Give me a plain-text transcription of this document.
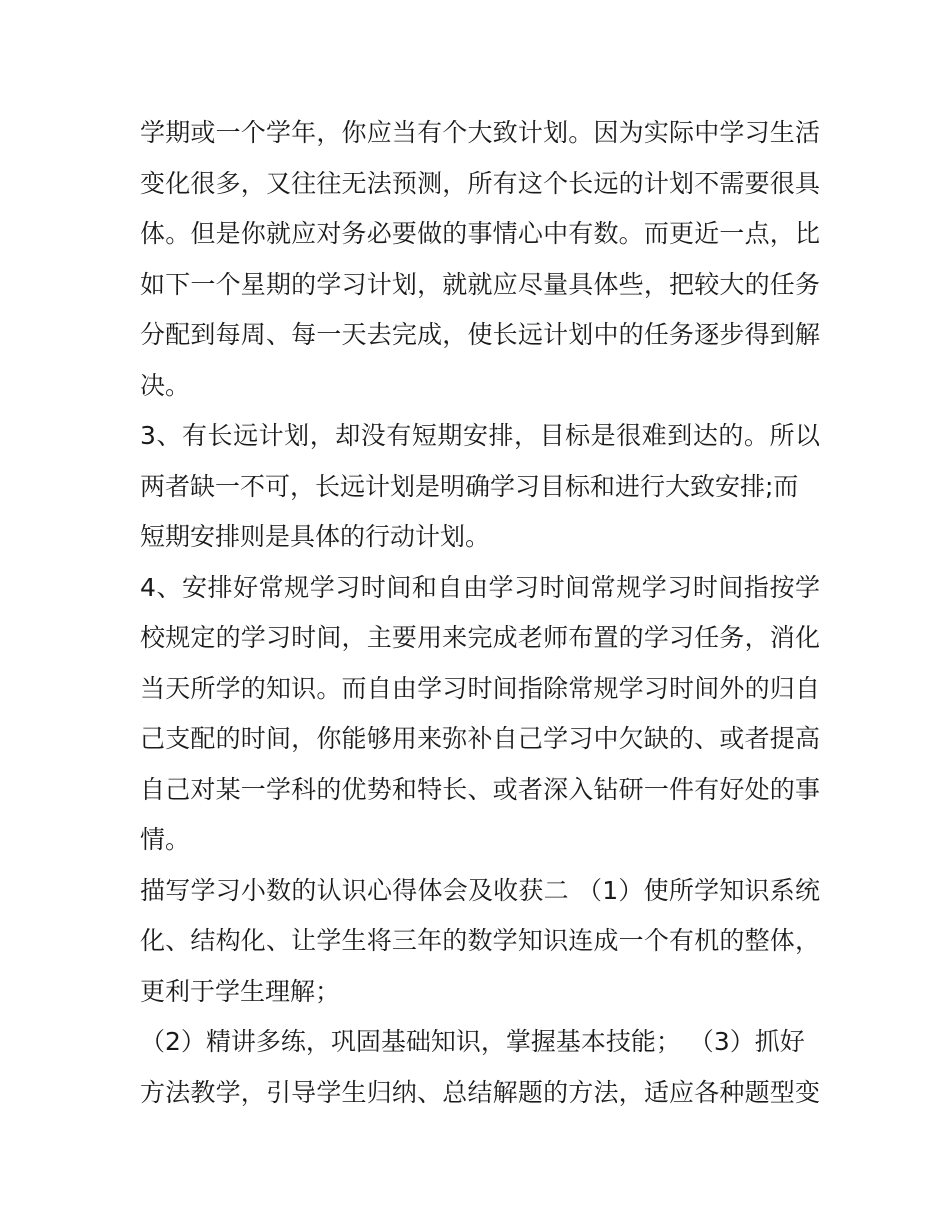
学期或一个学年，你应当有个大致计划。因为实际中学习生活
变化很多，又往往无法预测，所有这个长远的计划不需要很具
体。但是你就应对务必要做的事情心中有数。而更近一点，比
如下一个星期的学习计划，就就应尽量具体些，把较大的任务
分配到每周、每一天去完成，使长远计划中的任务逐步得到解
决。
3、有长远计划，却没有短期安排，目标是很难到达的。所以
两者缺一不可，长远计划是明确学习目标和进行大致安排;而
短期安排则是具体的行动计划。
4、安排好常规学习时间和自由学习时间常规学习时间指按学
校规定的学习时间，主要用来完成老师布置的学习任务，消化
当天所学的知识。而自由学习时间指除常规学习时间外的归自
己支配的时间，你能够用来弥补自己学习中欠缺的、或者提高
自己对某一学科的优势和特长、或者深入钻研一件有好处的事
情。
描写学习小数的认识心得体会及收获二 （1）使所学知识系统
化、结构化、让学生将三年的数学知识连成一个有机的整体，
更利于学生理解；
（2）精讲多练，巩固基础知识，掌握基本技能； （3）抓好
方法教学，引导学生归纳、总结解题的方法，适应各种题型变
